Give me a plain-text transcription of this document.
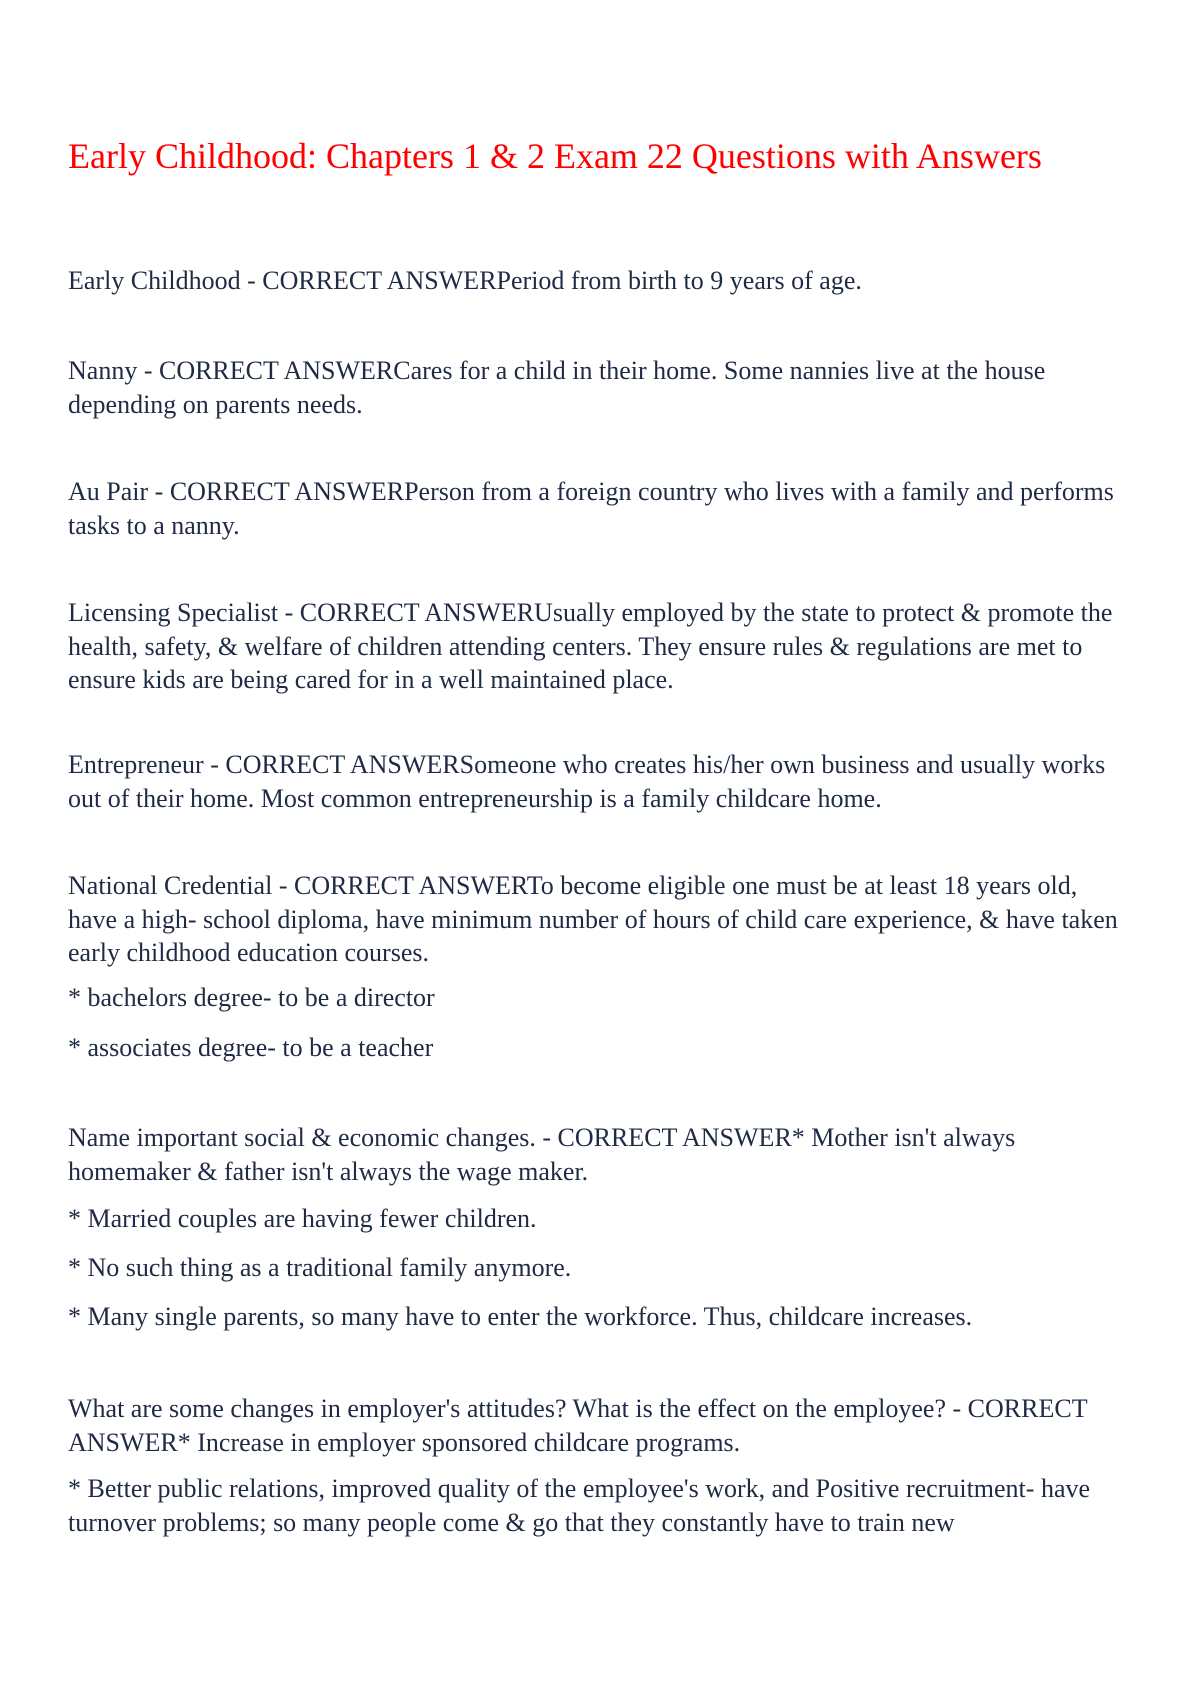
Early Childhood: Chapters 1 & 2 Exam 22 Questions with Answers

Early Childhood - CORRECT ANSWERPeriod from birth to 9 years of age.

Nanny - CORRECT ANSWERCares for a child in their home. Some nannies live at the house depending on parents needs.

Au Pair - CORRECT ANSWERPerson from a foreign country who lives with a family and performs tasks to a nanny.

Licensing Specialist - CORRECT ANSWERUsually employed by the state to protect & promote the health, safety, & welfare of children attending centers. They ensure rules & regulations are met to ensure kids are being cared for in a well maintained place.

Entrepreneur - CORRECT ANSWERSomeone who creates his/her own business and usually works out of their home. Most common entrepreneurship is a family childcare home.

National Credential - CORRECT ANSWERTo become eligible one must be at least 18 years old, have a high- school diploma, have minimum number of hours of child care experience, & have taken early childhood education courses.

* bachelors degree- to be a director

* associates degree- to be a teacher

Name important social & economic changes. - CORRECT ANSWER* Mother isn't always homemaker & father isn't always the wage maker.

* Married couples are having fewer children.

* No such thing as a traditional family anymore.

* Many single parents, so many have to enter the workforce. Thus, childcare increases.

What are some changes in employer's attitudes? What is the effect on the employee? - CORRECT ANSWER* Increase in employer sponsored childcare programs.

* Better public relations, improved quality of the employee's work, and Positive recruitment- have turnover problems; so many people come & go that they constantly have to train new
